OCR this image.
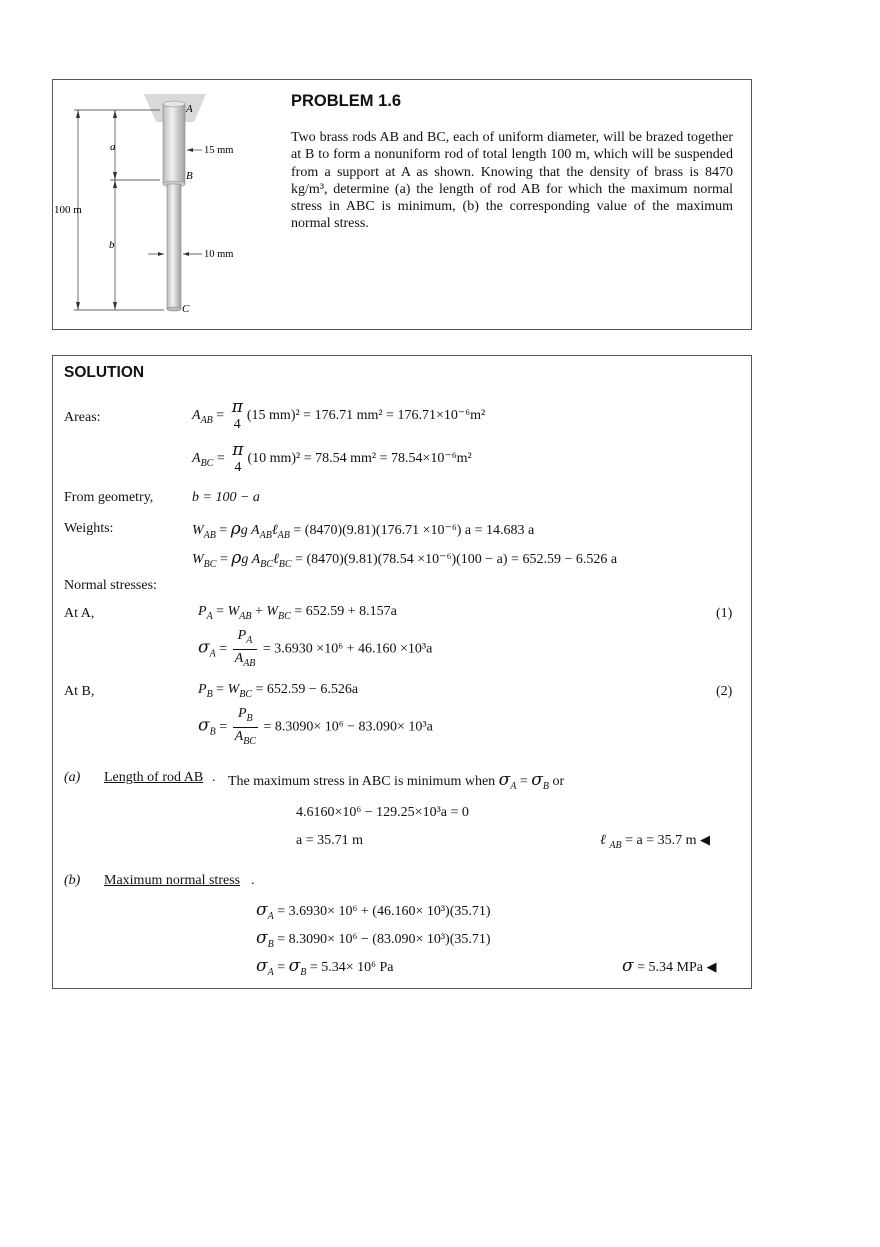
A
B
C
a
b
100 m
15 mm
10 mm
PROBLEM 1.6
Two brass rods AB and BC, each of uniform diameter, will be brazed together at B to form a nonuniform rod of total length 100 m, which will be suspended from a support at A as shown. Knowing that the density of brass is 8470 kg/m³, determine (a) the length of rod AB for which the maximum normal stress in ABC is minimum, (b) the corresponding value of the maximum normal stress.
SOLUTION
Areas:	$A_{AB} = \pi$
4
(15 mm)² = 176.71 mm² = 176.71×10⁻⁶m²
$A_{BC} = \pi$
4
(10 mm)² = 78.54 mm² = 78.54×10⁻⁶m²
From geometry,	b = 100 − a
Weights:	$W_{AB} = \rho g$ $A_{AB}\ell_{AB} = (8470)(9.81)(176.71 \times 10^{-6}) a = 14.683$ a
$W_{BC} = \rho g$ $A_{BC}\ell_{BC} = (8470)(9.81)(78.54 \times 10^{-6})(100 - a) = 652.59 - 6.526$ a
Normal stresses:
At A,	$P_A = W_{AB} + W_{BC} = 652.59 + 8.157a$	(1)
$\sigma_A = \frac{P_A}{A_{AB}} = 3.6930 \times 10^6 + 46.160 \times 10^3a$
At B,	$P_B = W_{BC} = 652.59 - 6.526a$	(2)
$\sigma_B = \frac{P_B}{A_{BC}} = 8.3090\times 10^6 - 83.090\times 10^3a$
(a) Length of rod AB . The maximum stress in ABC is minimum when $\sigma_A = \sigma_B$ or
4.6160×10⁶ − 129.25×10³a = 0
a = 35.71 m	ℓ $_{AB}$ = a = 35.7 m ◀
(b) Maximum normal stress .
$\sigma_A = 3.6930\times 10^6 + (46.160\times 10^3)(35.71)$
$\sigma_B = 8.3090\times 10^6 - (83.090\times 10^3)(35.71)$
$\sigma_A = \sigma_B = 5.34\times 10^6$ Pa	σ = 5.34 MPa ◀
